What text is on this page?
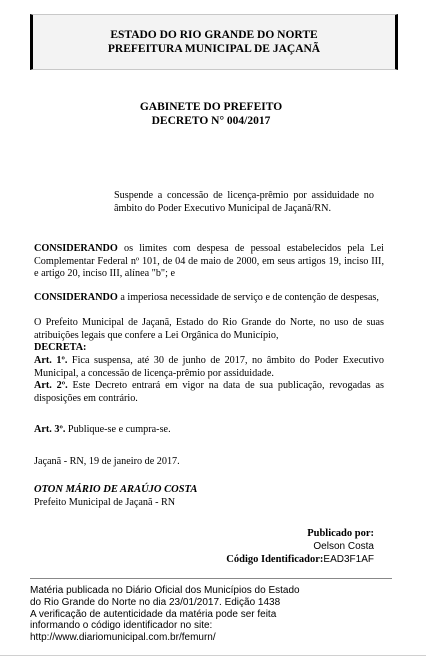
ESTADO DO RIO GRANDE DO NORTE
PREFEITURA MUNICIPAL DE JAÇANÃ
GABINETE DO PREFEITO
DECRETO N° 004/2017
Suspende a concessão de licença-prêmio por assiduidade no âmbito do Poder Executivo Municipal de Jaçanã/RN.
CONSIDERANDO os limites com despesa de pessoal estabelecidos pela Lei Complementar Federal nº 101, de 04 de maio de 2000, em seus artigos 19, inciso III, e artigo 20, inciso III, alínea "b"; e
CONSIDERANDO a imperiosa necessidade de serviço e de contenção de despesas,
O Prefeito Municipal de Jaçanã, Estado do Rio Grande do Norte, no uso de suas atribuições legais que confere a Lei Orgânica do Município,
DECRETA:
Art. 1º. Fica suspensa, até 30 de junho de 2017, no âmbito do Poder Executivo Municipal, a concessão de licença-prêmio por assiduidade.
Art. 2º. Este Decreto entrará em vigor na data de sua publicação, revogadas as disposições em contrário.
Art. 3º. Publique-se e cumpra-se.
Jaçanã - RN, 19 de janeiro de 2017.
OTON MÁRIO DE ARAÚJO COSTA
Prefeito Municipal de Jaçanã - RN
Publicado por:
Oelson Costa
Código Identificador:EAD3F1AF
Matéria publicada no Diário Oficial dos Municípios do Estado
do Rio Grande do Norte no dia 23/01/2017. Edição 1438
A verificação de autenticidade da matéria pode ser feita
informando o código identificador no site:
http://www.diariomunicipal.com.br/femurn/
